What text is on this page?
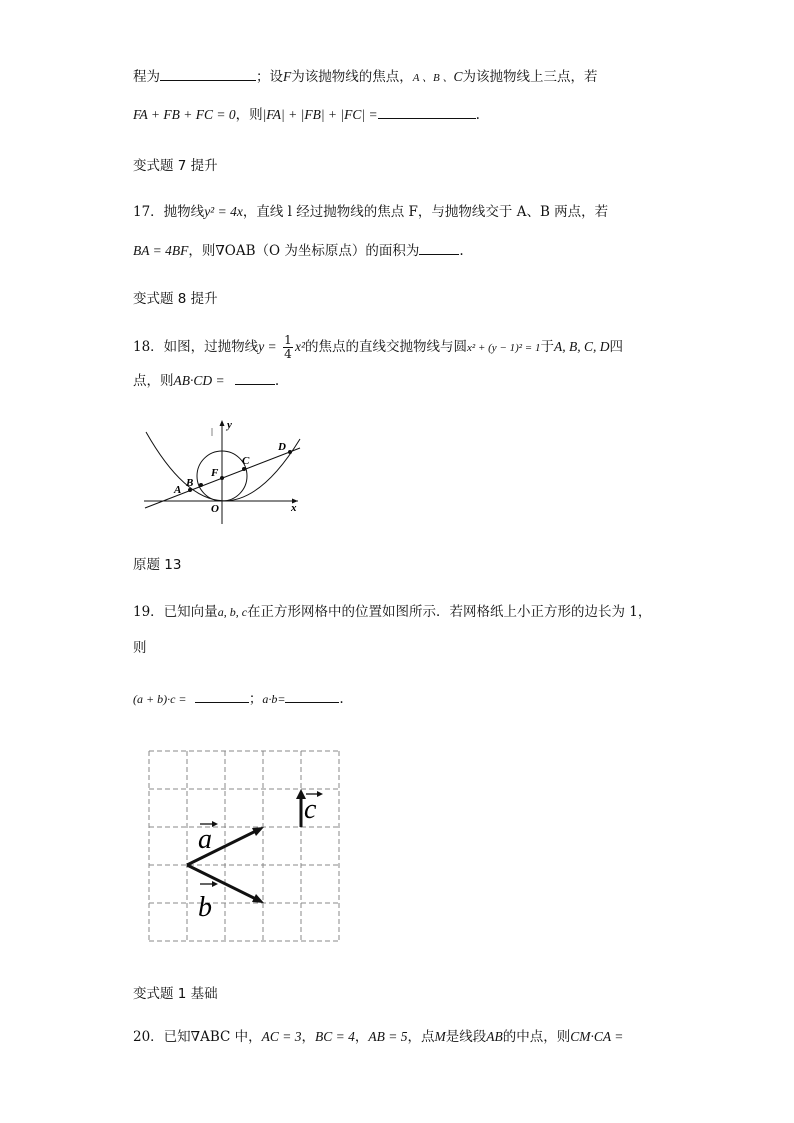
程为	；设F为该抛物线的焦点，A 、B 、C为该抛物线上三点，若
FA + FB + FC = 0，则|FA| + |FB| + |FC| =	.
变式题 7 提升
17．抛物线y² = 4x，直线 l 经过抛物线的焦点 F，与抛物线交于 A、B 两点，若
BA = 4BF，则∇OAB（O 为坐标原点）的面积为	.
变式题 8 提升
18．如图，过抛物线$y = \frac{1}{4} x^2$的焦点的直线交抛物线与圆x² + (y − 1)² = 1于A, B, C, D四
点，则AB·CD =	.
y
x
O
F
A
B
C
D
原题 13
19．已知向量a, b, c在正方形网格中的位置如图所示．若网格纸上小正方形的边长为 1，
则
(a + b)·c =	；a·b=	.
a
b
c
变式题 1 基础
20．已知∇ABC 中，AC = 3，BC = 4，AB = 5，点M是线段AB的中点，则CM·CA =
